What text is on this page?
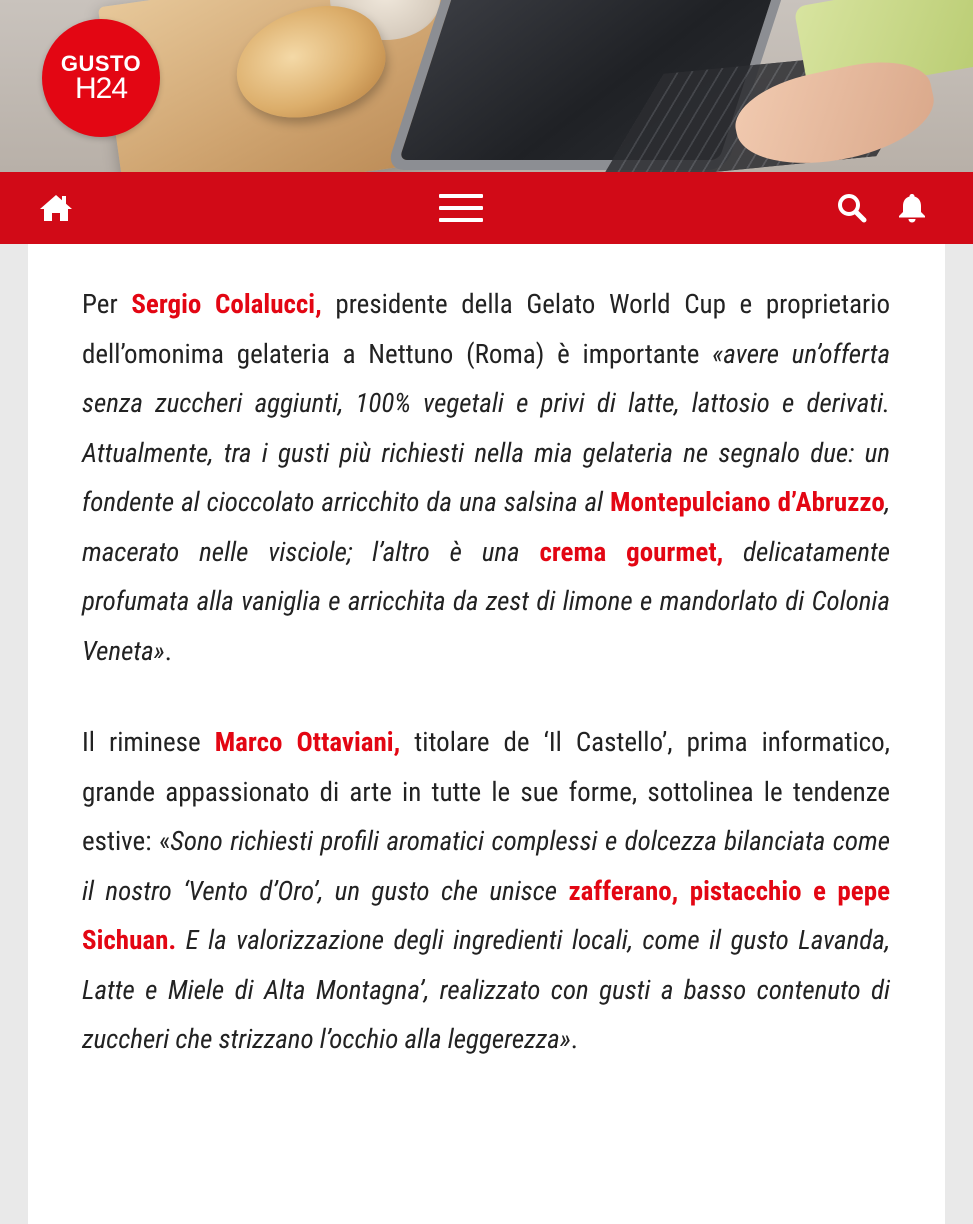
GUSTO
H24

Per Sergio Colalucci, presidente della Gelato World Cup e proprietario dell’omonima gelateria a Nettuno (Roma) è importante «avere un’offerta senza zuccheri aggiunti, 100% vegetali e privi di latte, lattosio e derivati. Attualmente, tra i gusti più richiesti nella mia gelateria ne segnalo due: un fondente al cioccolato arricchito da una salsina al Montepulciano d’Abruzzo, macerato nelle visciole; l’altro è una crema gourmet, delicatamente profumata alla vaniglia e arricchita da zest di limone e mandorlato di Colonia Veneta».

Il riminese Marco Ottaviani, titolare de ‘Il Castello’, prima informatico, grande appassionato di arte in tutte le sue forme, sottolinea le tendenze estive: «Sono richiesti profili aromatici complessi e dolcezza bilanciata come il nostro ‘Vento d’Oro’, un gusto che unisce zafferano, pistacchio e pepe Sichuan. E la valorizzazione degli ingredienti locali, come il gusto Lavanda, Latte e Miele di Alta Montagna’, realizzato con gusti a basso contenuto di zuccheri che strizzano l’occhio alla leggerezza».
